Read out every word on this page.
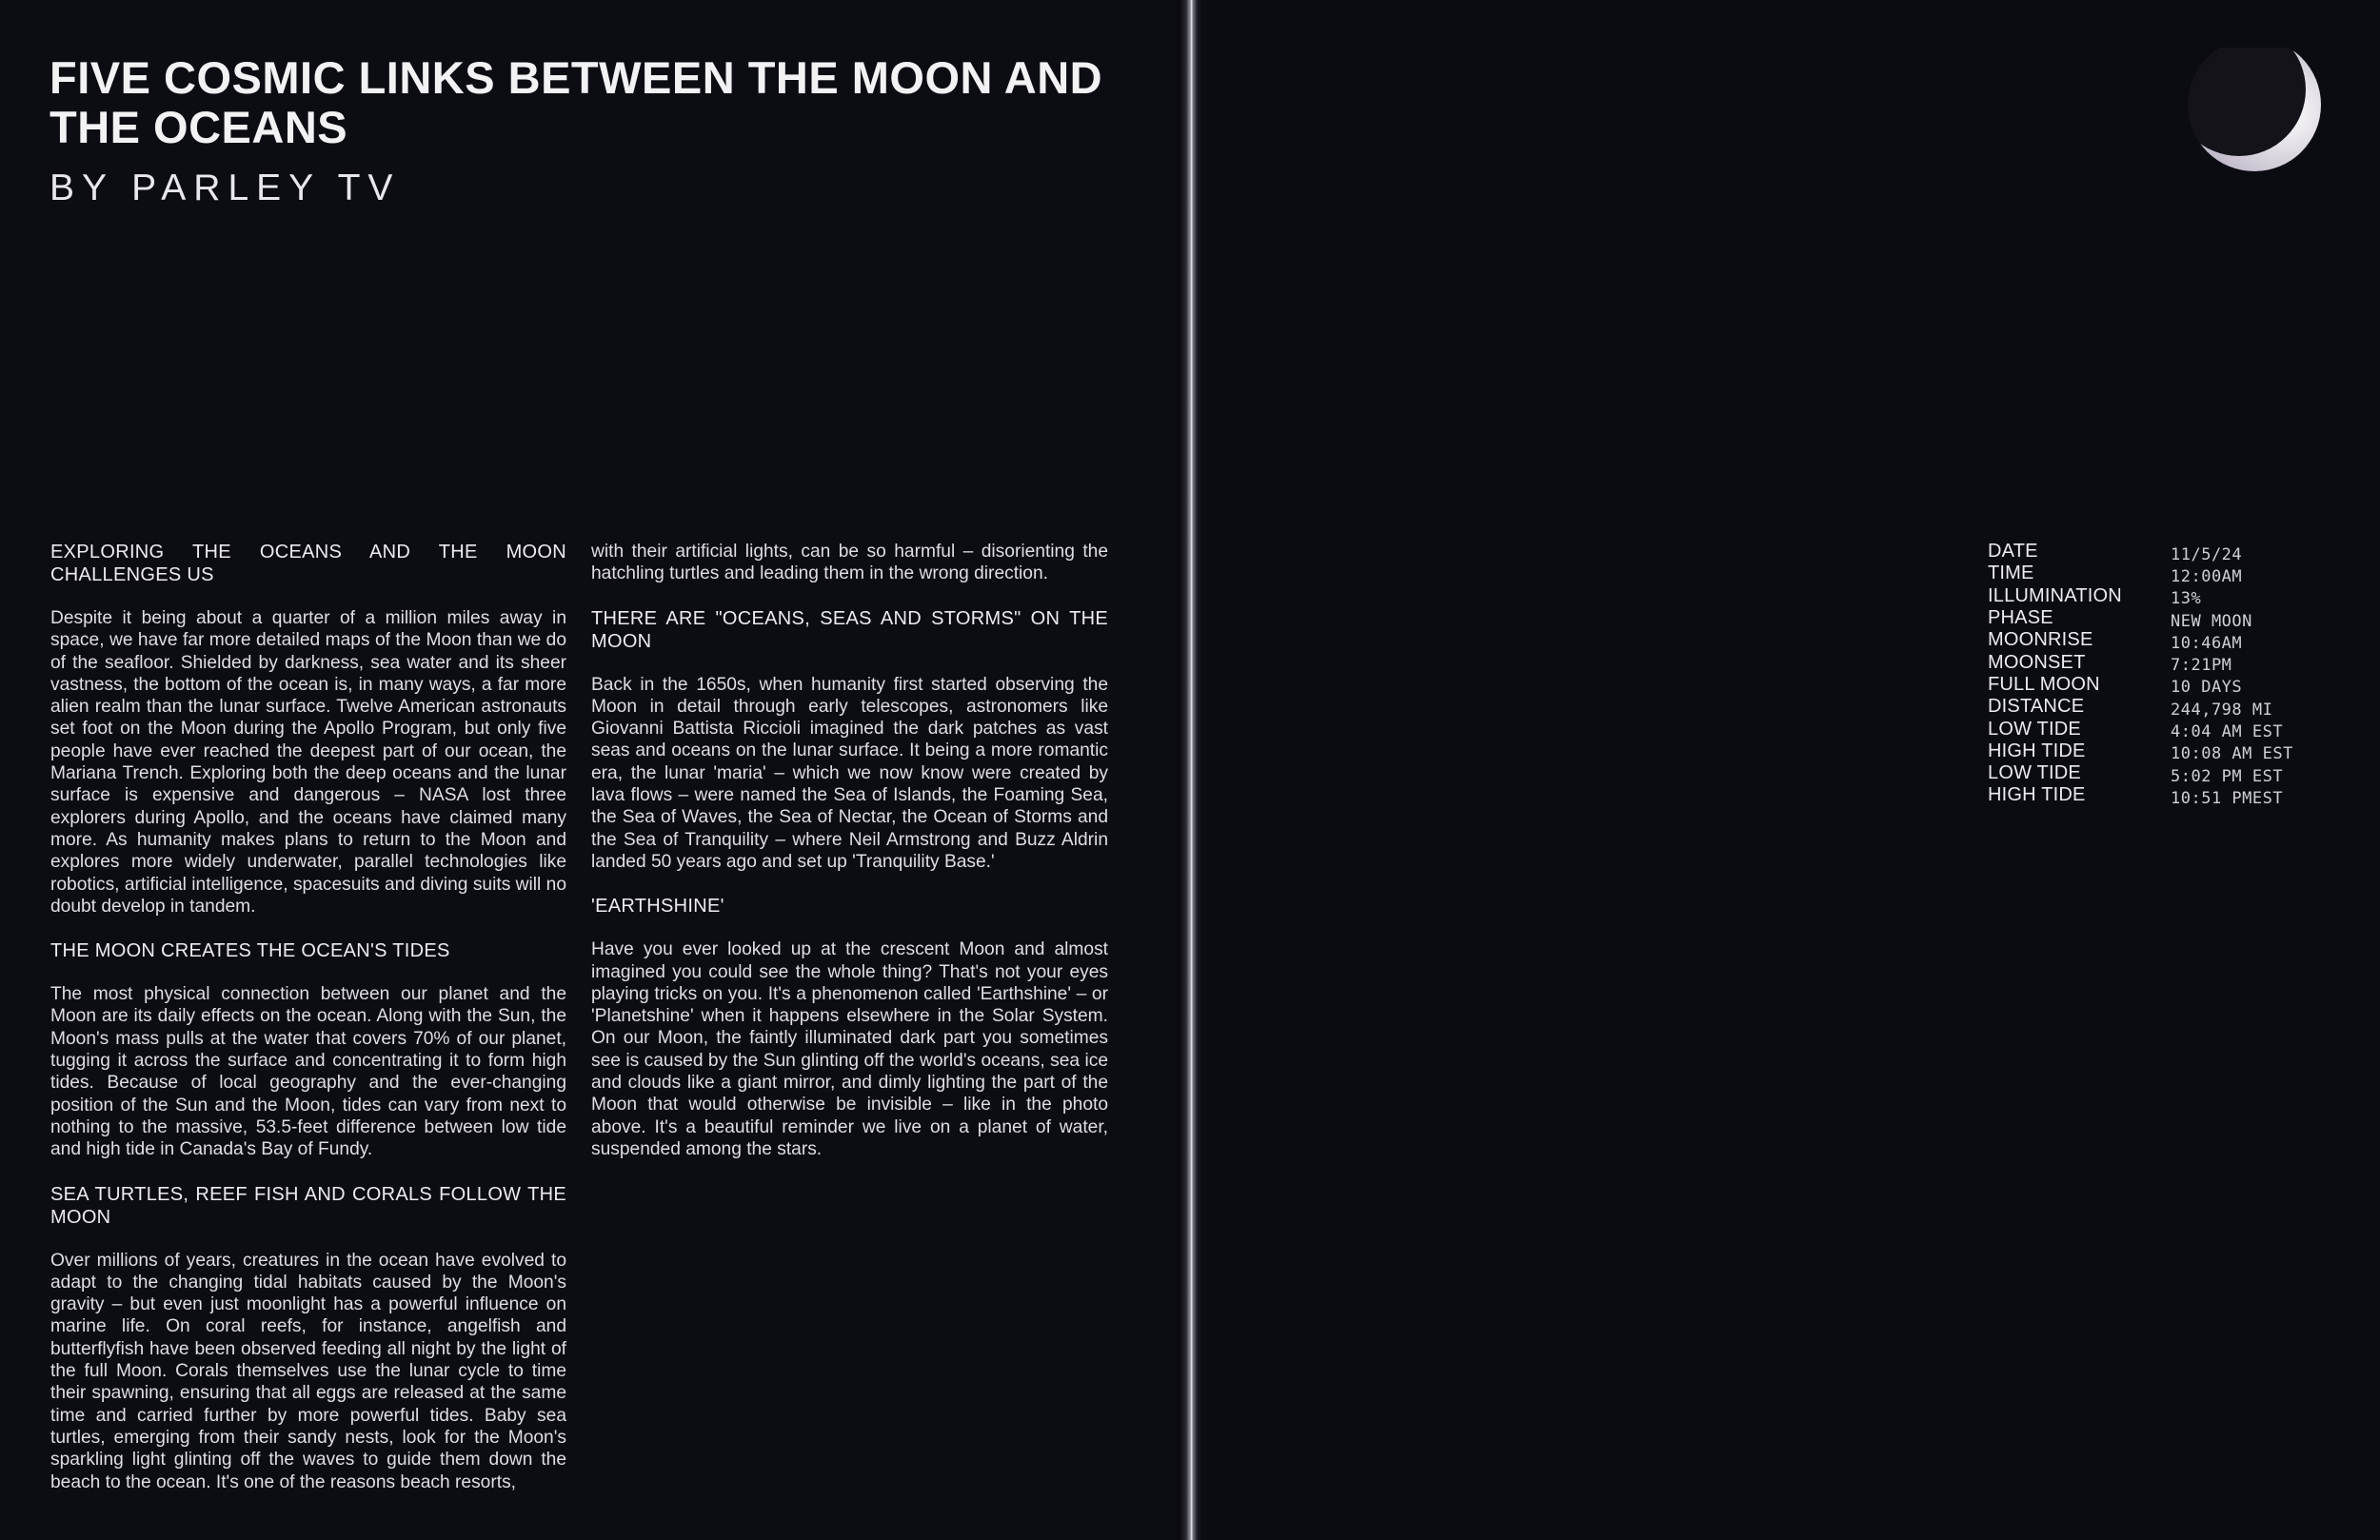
FIVE COSMIC LINKS BETWEEN THE MOON AND THE OCEANS
BY PARLEY TV
EXPLORING THE OCEANS AND THE MOON CHALLENGES US

Despite it being about a quarter of a million miles away in space, we have far more detailed maps of the Moon than we do of the seafloor. Shielded by darkness, sea water and its sheer vastness, the bottom of the ocean is, in many ways, a far more alien realm than the lunar surface. Twelve American astronauts set foot on the Moon during the Apollo Program, but only five people have ever reached the deepest part of our ocean, the Mariana Trench. Exploring both the deep oceans and the lunar surface is expensive and dangerous – NASA lost three explorers during Apollo, and the oceans have claimed many more. As humanity makes plans to return to the Moon and explores more widely underwater, parallel technologies like robotics, artificial intelligence, spacesuits and diving suits will no doubt develop in tandem.

THE MOON CREATES THE OCEAN'S TIDES

The most physical connection between our planet and the Moon are its daily effects on the ocean. Along with the Sun, the Moon's mass pulls at the water that covers 70% of our planet, tugging it across the surface and concentrating it to form high tides. Because of local geography and the ever-changing position of the Sun and the Moon, tides can vary from next to nothing to the massive, 53.5-feet difference between low tide and high tide in Canada's Bay of Fundy.

SEA TURTLES, REEF FISH AND CORALS FOLLOW THE MOON

Over millions of years, creatures in the ocean have evolved to adapt to the changing tidal habitats caused by the Moon's gravity – but even just moonlight has a powerful influence on marine life. On coral reefs, for instance, angelfish and butterflyfish have been observed feeding all night by the light of the full Moon. Corals themselves use the lunar cycle to time their spawning, ensuring that all eggs are released at the same time and carried further by more powerful tides. Baby sea turtles, emerging from their sandy nests, look for the Moon's sparkling light glinting off the waves to guide them down the beach to the ocean. It's one of the reasons beach resorts,

with their artificial lights, can be so harmful – disorienting the hatchling turtles and leading them in the wrong direction.

THERE ARE "OCEANS, SEAS AND STORMS" ON THE MOON

Back in the 1650s, when humanity first started observing the Moon in detail through early telescopes, astronomers like Giovanni Battista Riccioli imagined the dark patches as vast seas and oceans on the lunar surface. It being a more romantic era, the lunar 'maria' – which we now know were created by lava flows – were named the Sea of Islands, the Foaming Sea, the Sea of Waves, the Sea of Nectar, the Ocean of Storms and the Sea of Tranquility – where Neil Armstrong and Buzz Aldrin landed 50 years ago and set up 'Tranquility Base.'

'EARTHSHINE'

Have you ever looked up at the crescent Moon and almost imagined you could see the whole thing? That's not your eyes playing tricks on you. It's a phenomenon called 'Earthshine' – or 'Planetshine' when it happens elsewhere in the Solar System. On our Moon, the faintly illuminated dark part you sometimes see is caused by the Sun glinting off the world's oceans, sea ice and clouds like a giant mirror, and dimly lighting the part of the Moon that would otherwise be invisible – like in the photo above. It's a beautiful reminder we live on a planet of water, suspended among the stars.

DATE	11/5/24
TIME	12:00AM
ILLUMINATION	13%
PHASE	NEW MOON
MOONRISE	10:46AM
MOONSET	7:21PM
FULL MOON	10 DAYS
DISTANCE	244,798 MI
LOW TIDE	4:04 AM EST
HIGH TIDE	10:08 AM EST
LOW TIDE	5:02 PM EST
HIGH TIDE	10:51 PMEST
